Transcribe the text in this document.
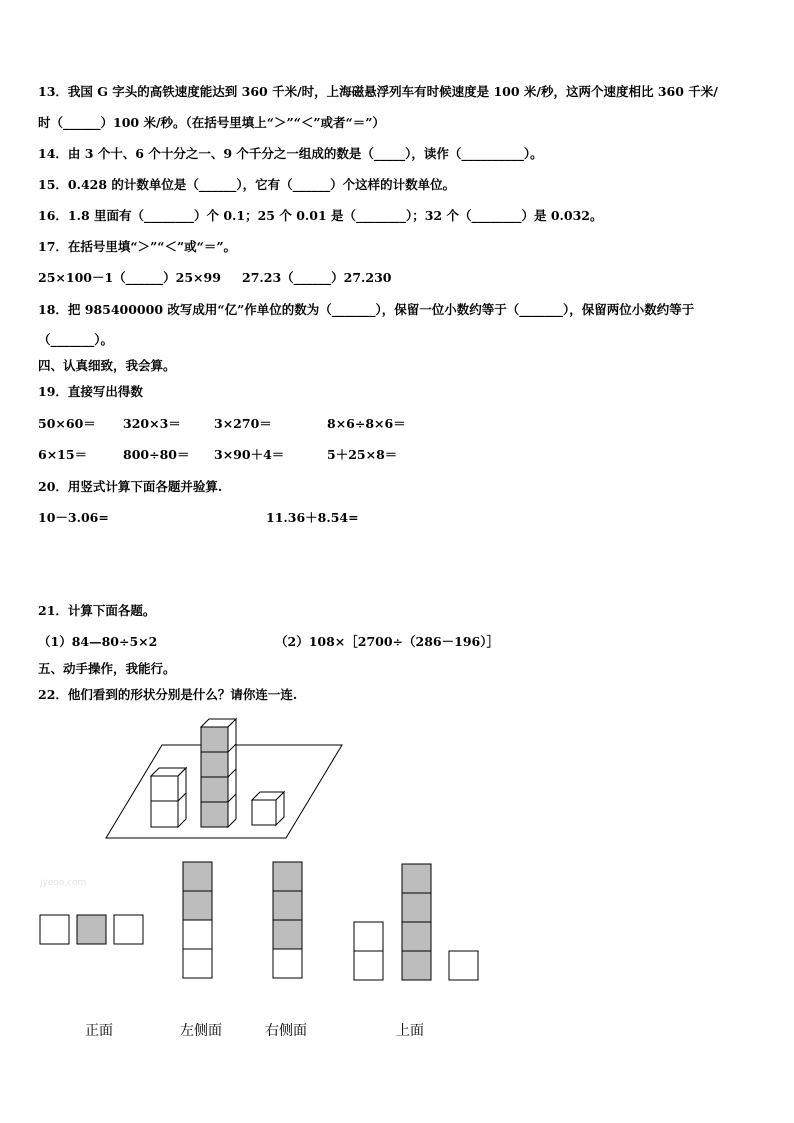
13．我国 G 字头的高铁速度能达到 360 千米/时，上海磁悬浮列车有时候速度是 100 米/秒，这两个速度相比 360 千米/
时（______）100 米/秒。（在括号里填上“＞”“＜”或者“＝”）
14．由 3 个十、6 个十分之一、9 个千分之一组成的数是（_____），读作（__________）。
15．0.428 的计数单位是（______），它有（______）个这样的计数单位。
16．1.8 里面有（________）个 0.1；25 个 0.01 是（________）；32 个（________）是 0.032。
17．在括号里填“＞”“＜”或“＝”。
25×100－1（______）25×99 27.23（______）27.230
18．把 985400000 改写成用“亿”作单位的数为（_______），保留一位小数约等于（_______），保留两位小数约等于
（_______）。
四、认真细致，我会算。
19．直接写出得数
50×60＝ 320×3＝	3×270＝	8×6÷8×6＝
6×15＝	800÷80＝ 3×90＋4＝	5＋25×8＝
20．用竖式计算下面各题并验算.
10－3.06=	11.36＋8.54=
21．计算下面各题。
（1）84—80÷5×2	（2）108×［2700÷（286－196）］
五、动手操作，我能行。
22．他们看到的形状分别是什么？请你连一连.
jyeoo.com
正面	左侧面	右侧面	上面
